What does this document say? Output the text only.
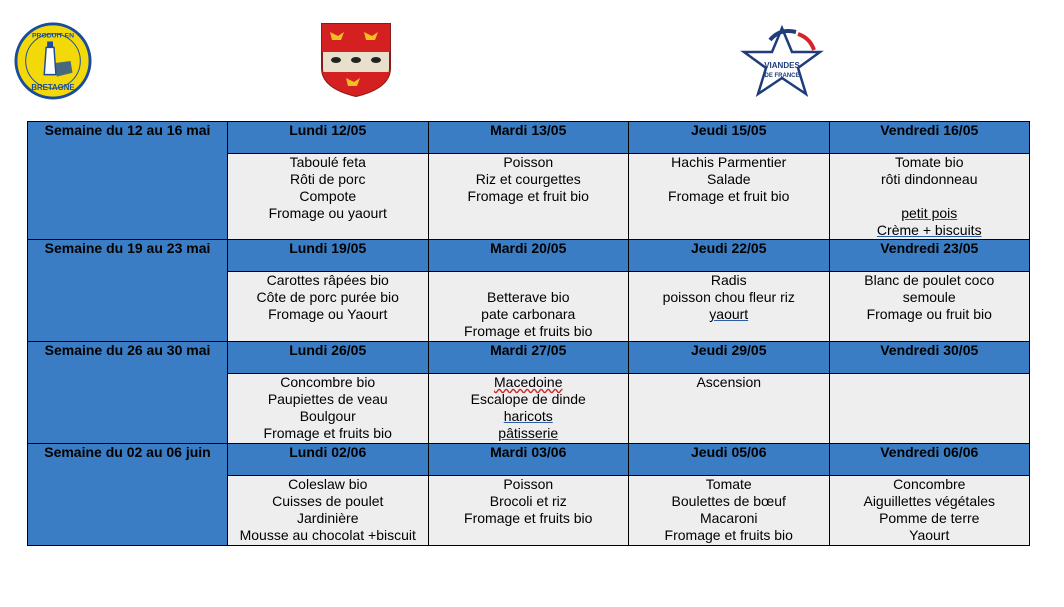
PRODUIT EN
BRETAGNE
VIANDES
DE FRANCE
Semaine du 12 au 16 mai	Lundi 12/05	Mardi 13/05	Jeudi 15/05	Vendredi 16/05

	Taboulé feta
Rôti de porc
Compote
Fromage ou yaourt	Poisson
Riz et courgettes
Fromage et fruit bio	Hachis Parmentier
Salade
Fromage et fruit bio	Tomate bio
rôti dindonneau
petit pois
Crème + biscuits

Semaine du 19 au 23 mai	Lundi 19/05	Mardi 20/05	Jeudi 22/05	Vendredi 23/05

	Carottes râpées bio
Côte de porc purée bio
Fromage ou Yaourt	Betterave bio
pate carbonara
Fromage et fruits bio	Radis
poisson chou fleur riz
yaourt	Blanc de poulet coco
semoule
Fromage ou fruit bio

Semaine du 26 au 30 mai	Lundi 26/05	Mardi 27/05	Jeudi 29/05	Vendredi 30/05

	Concombre bio
Paupiettes de veau
Boulgour
Fromage et fruits bio	Macedoine
Escalope de dinde
haricots
pâtisserie	Ascension	

Semaine du 02 au 06 juin	Lundi 02/06	Mardi 03/06	Jeudi 05/06	Vendredi 06/06

	Coleslaw bio
Cuisses de poulet
Jardinière
Mousse au chocolat +biscuit	Poisson
Brocoli et riz
Fromage et fruits bio	Tomate
Boulettes de bœuf
Macaroni
Fromage et fruits bio	Concombre
Aiguillettes végétales
Pomme de terre
Yaourt
